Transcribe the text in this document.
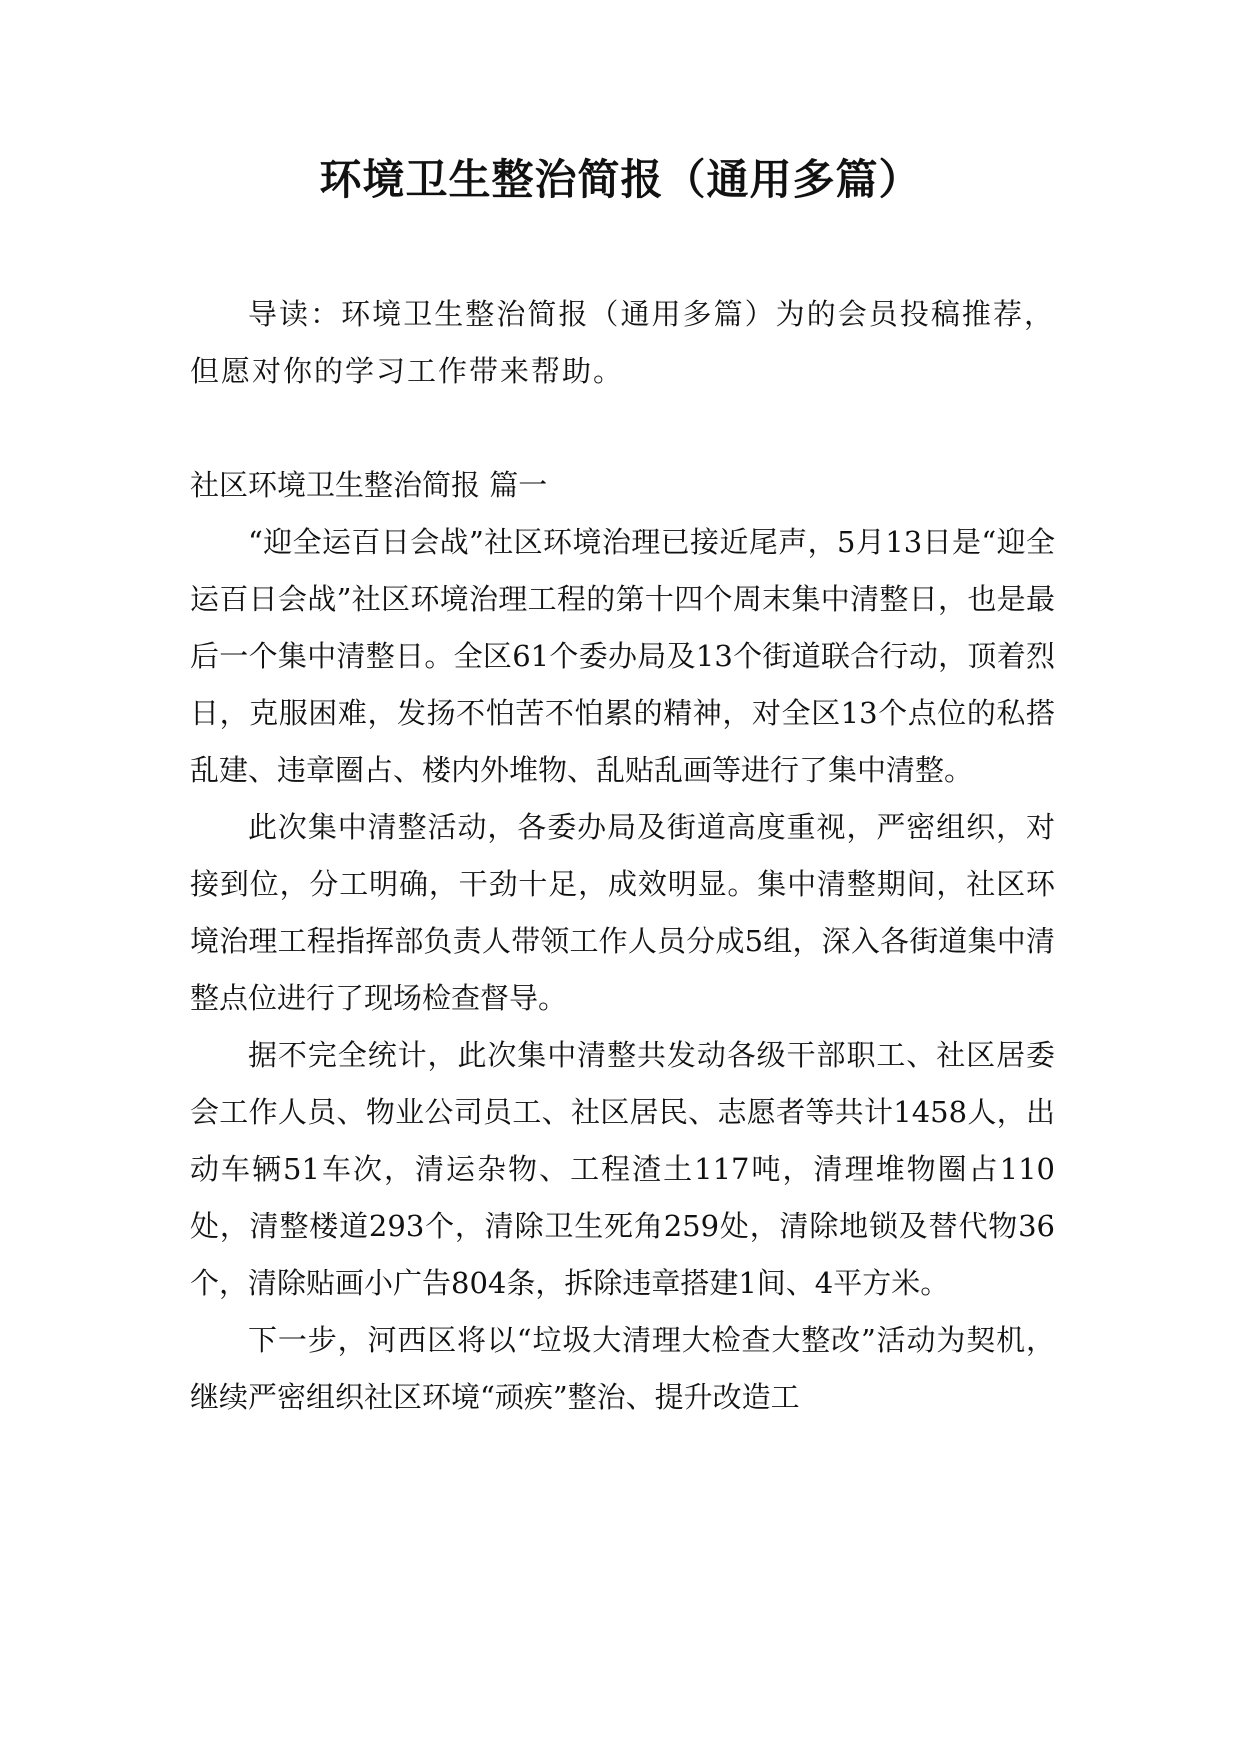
环境卫生整治简报（通用多篇）

导读：环境卫生整治简报（通用多篇）为的会员投稿推荐，但愿对你的学习工作带来帮助。

社区环境卫生整治简报 篇一

“迎全运百日会战”社区环境治理已接近尾声，5月13日是“迎全运百日会战”社区环境治理工程的第十四个周末集中清整日，也是最后一个集中清整日。全区61个委办局及13个街道联合行动，顶着烈日，克服困难，发扬不怕苦不怕累的精神，对全区13个点位的私搭乱建、违章圈占、楼内外堆物、乱贴乱画等进行了集中清整。

此次集中清整活动，各委办局及街道高度重视，严密组织，对接到位，分工明确，干劲十足，成效明显。集中清整期间，社区环境治理工程指挥部负责人带领工作人员分成5组，深入各街道集中清整点位进行了现场检查督导。

据不完全统计，此次集中清整共发动各级干部职工、社区居委会工作人员、物业公司员工、社区居民、志愿者等共计1458人，出动车辆51车次，清运杂物、工程渣土117吨，清理堆物圈占110处，清整楼道293个，清除卫生死角259处，清除地锁及替代物36个，清除贴画小广告804条，拆除违章搭建1间、4平方米。

下一步，河西区将以“垃圾大清理大检查大整改”活动为契机，继续严密组织社区环境“顽疾”整治、提升改造工
